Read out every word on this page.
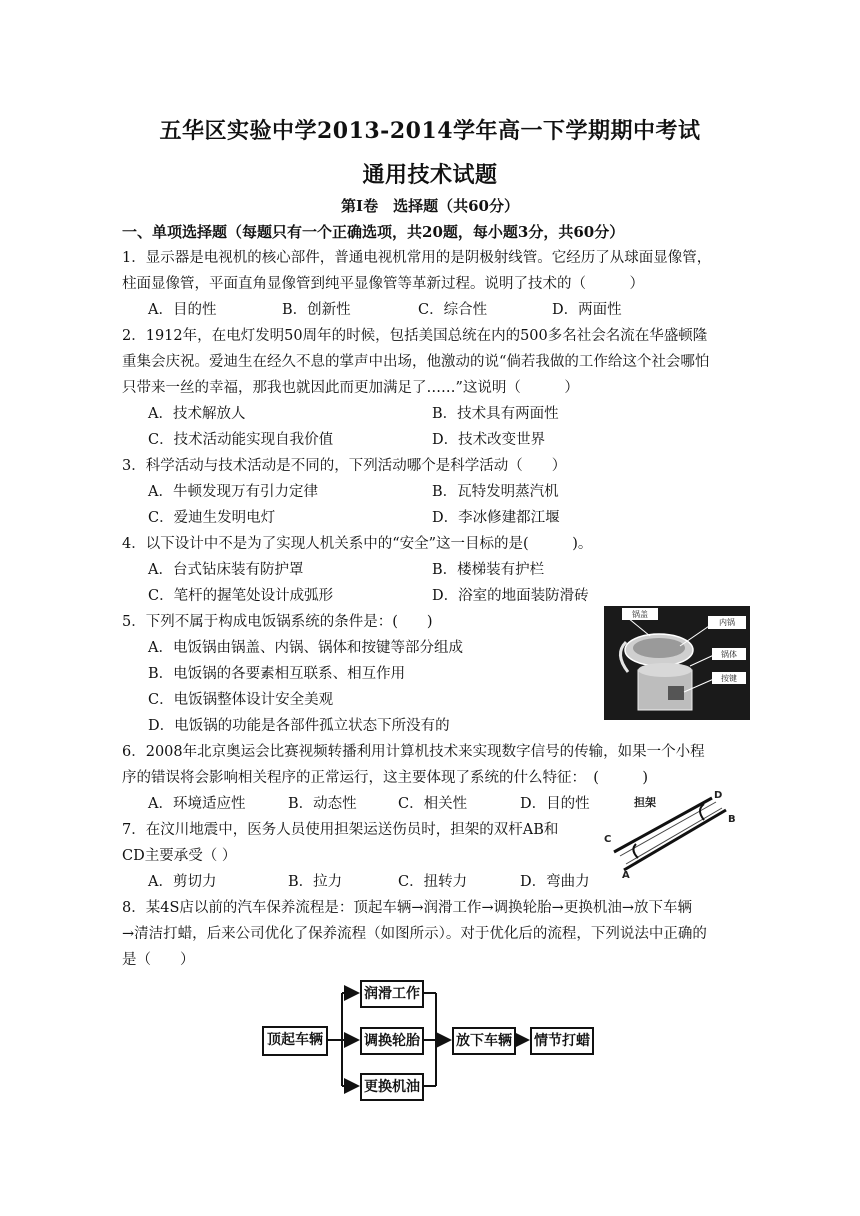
五华区实验中学2013-2014学年高一下学期期中考试
通用技术试题
第Ⅰ卷　选择题（共60分）
一、单项选择题（每题只有一个正确选项，共20题，每小题3分，共60分）
1．显示器是电视机的核心部件，普通电视机常用的是阴极射线管。它经历了从球面显像管，
柱面显像管，平面直角显像管到纯平显像管等革新过程。说明了技术的（　　　）
A．目的性	B．创新性	C．综合性	D．两面性
2．1912年，在电灯发明50周年的时候，包括美国总统在内的500多名社会名流在华盛顿隆
重集会庆祝。爱迪生在经久不息的掌声中出场，他激动的说“倘若我做的工作给这个社会哪怕
只带来一丝的幸福，那我也就因此而更加满足了……”这说明（　　　）
A．技术解放人	B．技术具有两面性
C．技术活动能实现自我价值	D．技术改变世界
3．科学活动与技术活动是不同的，下列活动哪个是科学活动（　　）
A．牛顿发现万有引力定律	B．瓦特发明蒸汽机
C．爱迪生发明电灯	D．李冰修建都江堰
4．以下设计中不是为了实现人机关系中的“安全”这一目标的是(　　　)。
A．台式钻床装有防护罩	B．楼梯装有护栏
C．笔杆的握笔处设计成弧形	D．浴室的地面装防滑砖
5．下列不属于构成电饭锅系统的条件是：(　　)
A．电饭锅由锅盖、内锅、锅体和按键等部分组成
B．电饭锅的各要素相互联系、相互作用
C．电饭锅整体设计安全美观
D．电饭锅的功能是各部件孤立状态下所没有的
锅盖
内锅
锅体
按键
6．2008年北京奥运会比赛视频转播利用计算机技术来实现数字信号的传输，如果一个小程
序的错误将会影响相关程序的正常运行，这主要体现了系统的什么特征：　(　　　)
A．环境适应性	B．动态性	C．相关性	D．目的性	担架
A
B
C
D
7．在汶川地震中，医务人员使用担架运送伤员时，担架的双杆AB和
CD主要承受（ ）
A．剪切力	B．拉力	C．扭转力	D．弯曲力
8．某4S店以前的汽车保养流程是：顶起车辆→润滑工作→调换轮胎→更换机油→放下车辆
→清洁打蜡，后来公司优化了保养流程（如图所示）。对于优化后的流程，下列说法中正确的
是（　　）
顶起车辆
润滑工作
调换轮胎
更换机油
放下车辆 情节打蜡
